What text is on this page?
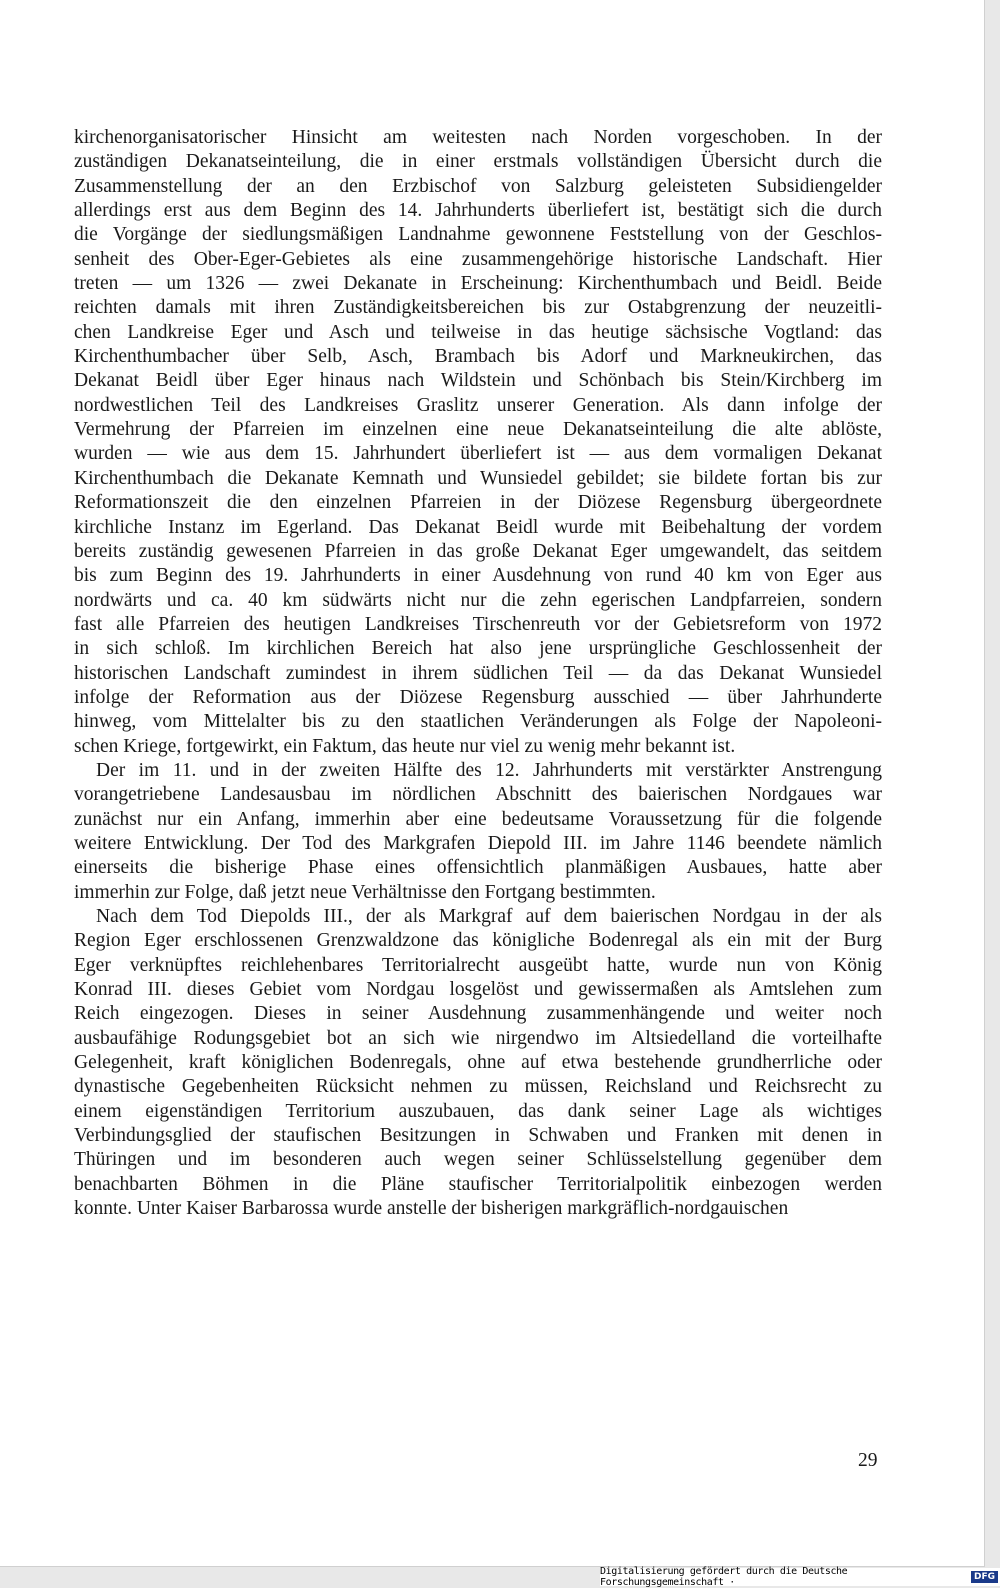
kirchenorganisatorischer Hinsicht am weitesten nach Norden vorgeschoben. In der
zuständigen Dekanatseinteilung, die in einer erstmals vollständigen Übersicht durch die
Zusammenstellung der an den Erzbischof von Salzburg geleisteten Subsidiengelder
allerdings erst aus dem Beginn des 14. Jahrhunderts überliefert ist, bestätigt sich die durch
die Vorgänge der siedlungsmäßigen Landnahme gewonnene Feststellung von der Geschlos-
senheit des Ober-Eger-Gebietes als eine zusammengehörige historische Landschaft. Hier
treten — um 1326 — zwei Dekanate in Erscheinung: Kirchenthumbach und Beidl. Beide
reichten damals mit ihren Zuständigkeitsbereichen bis zur Ostabgrenzung der neuzeitli-
chen Landkreise Eger und Asch und teilweise in das heutige sächsische Vogtland: das
Kirchenthumbacher über Selb, Asch, Brambach bis Adorf und Markneukirchen, das
Dekanat Beidl über Eger hinaus nach Wildstein und Schönbach bis Stein/Kirchberg im
nordwestlichen Teil des Landkreises Graslitz unserer Generation. Als dann infolge der
Vermehrung der Pfarreien im einzelnen eine neue Dekanatseinteilung die alte ablöste,
wurden — wie aus dem 15. Jahrhundert überliefert ist — aus dem vormaligen Dekanat
Kirchenthumbach die Dekanate Kemnath und Wunsiedel gebildet; sie bildete fortan bis zur
Reformationszeit die den einzelnen Pfarreien in der Diözese Regensburg übergeordnete
kirchliche Instanz im Egerland. Das Dekanat Beidl wurde mit Beibehaltung der vordem
bereits zuständig gewesenen Pfarreien in das große Dekanat Eger umgewandelt, das seitdem
bis zum Beginn des 19. Jahrhunderts in einer Ausdehnung von rund 40 km von Eger aus
nordwärts und ca. 40 km südwärts nicht nur die zehn egerischen Landpfarreien, sondern
fast alle Pfarreien des heutigen Landkreises Tirschenreuth vor der Gebietsreform von 1972
in sich schloß. Im kirchlichen Bereich hat also jene ursprüngliche Geschlossenheit der
historischen Landschaft zumindest in ihrem südlichen Teil — da das Dekanat Wunsiedel
infolge der Reformation aus der Diözese Regensburg ausschied — über Jahrhunderte
hinweg, vom Mittelalter bis zu den staatlichen Veränderungen als Folge der Napoleoni-
schen Kriege, fortgewirkt, ein Faktum, das heute nur viel zu wenig mehr bekannt ist.
Der im 11. und in der zweiten Hälfte des 12. Jahrhunderts mit verstärkter Anstrengung
vorangetriebene Landesausbau im nördlichen Abschnitt des baierischen Nordgaues war
zunächst nur ein Anfang, immerhin aber eine bedeutsame Voraussetzung für die folgende
weitere Entwicklung. Der Tod des Markgrafen Diepold III. im Jahre 1146 beendete nämlich
einerseits die bisherige Phase eines offensichtlich planmäßigen Ausbaues, hatte aber
immerhin zur Folge, daß jetzt neue Verhältnisse den Fortgang bestimmten.
Nach dem Tod Diepolds III., der als Markgraf auf dem baierischen Nordgau in der als
Region Eger erschlossenen Grenzwaldzone das königliche Bodenregal als ein mit der Burg
Eger verknüpftes reichlehenbares Territorialrecht ausgeübt hatte, wurde nun von König
Konrad III. dieses Gebiet vom Nordgau losgelöst und gewissermaßen als Amtslehen zum
Reich eingezogen. Dieses in seiner Ausdehnung zusammenhängende und weiter noch
ausbaufähige Rodungsgebiet bot an sich wie nirgendwo im Altsiedelland die vorteilhafte
Gelegenheit, kraft königlichen Bodenregals, ohne auf etwa bestehende grundherrliche oder
dynastische Gegebenheiten Rücksicht nehmen zu müssen, Reichsland und Reichsrecht zu
einem eigenständigen Territorium auszubauen, das dank seiner Lage als wichtiges
Verbindungsglied der staufischen Besitzungen in Schwaben und Franken mit denen in
Thüringen und im besonderen auch wegen seiner Schlüsselstellung gegenüber dem
benachbarten Böhmen in die Pläne staufischer Territorialpolitik einbezogen werden
konnte. Unter Kaiser Barbarossa wurde anstelle der bisherigen markgräflich-nordgauischen
29
Digitalisierung gefördert durch die Deutsche Forschungsgemeinschaft ·	DFG
